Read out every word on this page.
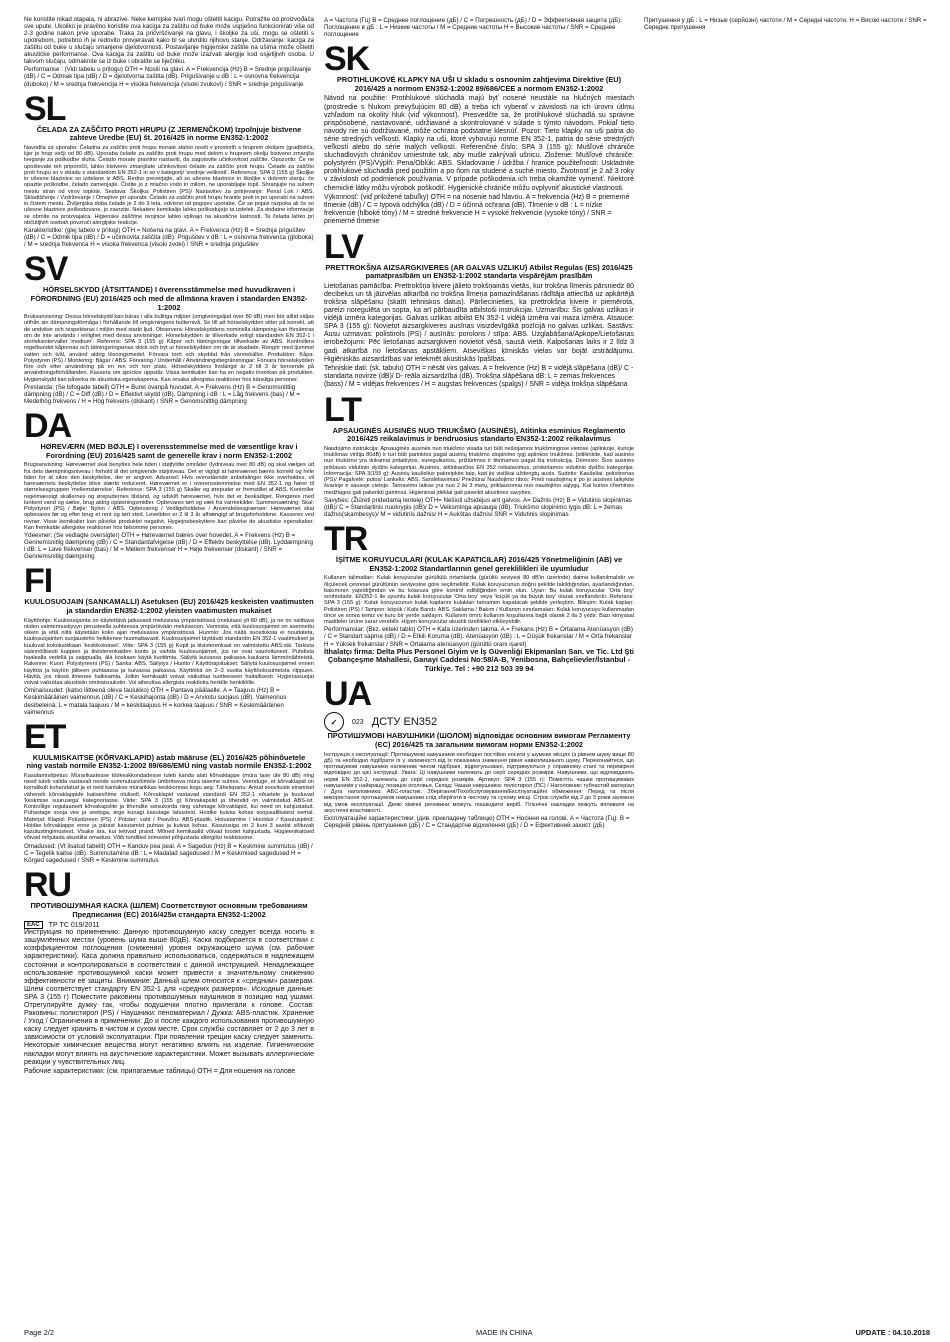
Ne koristite nikad otapala, ni abrazive. Neke kemijske tvari mogu oštetiti kacigu. Potražite od proizvođača sve upute. Ukoliko je pravilno koristite ova kaciga za zaštitu od buke može uspješno funkcionirati više od 2-3 godine nakon prve uporabe. Traka za pričvršćivanje na glavu, i školjke za uši, mogu se oštetiti s upotrebom, potrebno ih je redovito provjeravati kako bi se utvrdilo njihovo stanje. Održavanje: kaciga za zaštitu od buke u slučaju smanjene djelotvornosti. Postavljanje higijenske zaštite na ušima može oštetiti akustičke performanse. Ova kaciga za zaštitu od buke može izazvati alergije kod osjetljivih osoba. U takvom slučaju, odmaknite se iz buke i obratite se liječniku.

Performanse : (Vidi tabelu u prilogu) OTH = Nosili na glavi. A = Frekvencija (Hz) B = Srednje prigušivanje (dB) / C = Odmak tipa (dB) / D = djelotvorna zaštita (dB). Prigušivanje u dB : L = osnovna frekvencija (duboko) / M = srednja frekvencija H = visoka frekvencija (visoki zvukovi) / SNR = srednje prigušivanje

SL
ČELADA ZA ZAŠČITO PROTI HRUPU (Z JERMENČKOM) Izpolnjuje bistvene zahteve Uredbe (EU) št. 2016/425 in norme EN352-1:2002

Navodila za uporabo: Čeladna za zaščito proti hrupu morate stalno nositi v prostorih s hrupnim okoljem (gradbišča, kjer je hrup večji od 80 dB). Uporaba čelade za zaščito proti hrupu med delom v hrupnem okolju bistveno zmanjša tveganje za poškodbe sluha. Čelado morate pravilno nastaviti, da zagotovite učinkovitost zaščite. Opozorilo: Če ne upoštevate teh priporočil, lahko bistveno zmanjšate učinkovitost čelade za zaščito proti hrupu. Čelade za zaščito proti hrupu so v skladu s standardom EN 352-1 in so v kategoriji 'srednje velikosti'. Referenca: SPA 3 (155 g) Školjke in ušesne blazinice so izdelane iz ABS. Redno preverjajte, ali so ušesne blazinice in školjke v dobrem stanju; če opazite poškodbe, čelado zamenjajte. Čistite jo z mlačno vodo in milom, ne uporabljajte topil. Shranjujte na suhem mestu stran od virov toplote. Sestava: Školjka: Polistiren (PS)/ Nastavitev za pritrjevanje: Penal Lok / ABS. Skladiščenje / Vzdrževanje / Omejitve pri uporabi: Čelado za zaščito proti hrupu hranite proti in po uporabi na suhem in čistem mestu. Življenjska doba čelade je 2 do 3 leta, odvisno od pogojev uporabe. Če se pojavi razpoka ali če so ušesne blazinice poškodovane, jo zavrzite. Nekatere kemikalije lahko poškodujejo ta izdelek. Za dodatne informacije se obrnite na proizvajalca. Higienske zaščitne ovojnice lahko vplivajo na akustične lastnosti. Ta čelada lahko pri občutljivih osebah povzroči alergijske reakcije.

Karakteristike: (glej tabelo v prilogi) OTH = Nošena na glavi. A = Frekvenca (Hz) B = Srednja prigušitev (dB) / C = Odmik tipa (dB) / D = učinkovita zaščita (dB). Prigušitev v dB : L = osnovna frekvenca (globoka) / M = srednja frekvenca H = visoka frekvenca (visoki zvoki) / SNR = srednja prigušitev

SV
HÖRSELSKYDD (ÅTSITTANDE) I överensstämmelse med huvudkraven i FÖRORDNING (EU) 2016/425 och med de allmänna kraven i standarden EN352-1:2002

Bruksanvisning: Dessa hörselskydd kan bäras i alla bullriga miljöer (omgivningsljud över 80 dB) men bör alltid väljas utifrån sin dämpningsförmåga i förhållande till omgivningens bullernivå. Se till att hörselskydden sitter på korrekt, att de undviker och respekteras i miljön med starkt ljud. Observera: Hörselskyddens nominella dämpning kan försämras om de inte används i enlighet med dessa anvisningar. Hörselskydden är tillverkade enligt standarden EN 352-1 i storleksintervallet 'medium'. Referens: SPA 3 (155 g) Kåpor och tätningsringar tillverkade av ABS. Kontrollera regelbundet kåpornas och tätningsringarnas skick och byt ut hörselskydden om de är skadade. Rengör med ljummet vatten och tvål, använd aldrig lösningsmedel. Förvara torrt och skyddat från värmekällor. Produktion: Kåpa: Polystyren (PS) / Montering: Bågar / ABS. Förvaring / Underhåll / Användningsbegränsningar: Förvara hörselskydden före och efter användning på en ren och torr plats. Hörselskyddens livslängd är 2 till 3 år beroende på användningsförhållanden. Kassera om sprickor uppstår. Vissa kemikalier kan ha en negativ inverkan på produkten. Hygienskydd kan påverka de akustiska egenskaperna. Kan orsaka allergiska reaktioner hos känsliga personer.

Prestanda: (Se bifogade tabell) OTH = Buret ovanpå huvudet. A = Frekvens (Hz) B = Genomsnittlig dämpning (dB) / C = Diff (dB) / D = Effektivt skydd (dB). Dämpning i dB : L = Låg frekvens (bas) / M = Medelhög frekvens / H = Hög frekvens (diskant) / SNR = Genomsnittlig dämpning

DA
HØREVÆRN (MED BØJLE) I overensstemmelse med de væsentlige krav i Forordning (EU) 2016/425 samt de generelle krav i norm EN352-1:2002

Brugsanvisning: Høreværnet skal benyttes hele tiden i støjfyldte områder (lydniveau over 80 dB) og skal vælges ud fra dets dæmpningsniveau i forhold til det omgivende støjniveau. Det er vigtigt at høreværnet bæres korrekt og hele tiden for at sikre den beskyttelse, der er angivet. Advarsel: Hvis ovenstående anbefalinger ikke overholdes, vil høreværnets beskyttelse blive stærkt reduceret. Høreværnet er i overensstemmelse med EN 352-1 og hører til størrelsesgruppen 'mellemstørrelse'. Reference: SPA 3 (155 g) Skaller og ørepuder er fremstillet af ABS. Kontroller regelmæssigt skallernes og ørepudernes tilstand, og udskift høreværnet, hvis det er beskadiget. Rengøres med lunkent vand og sæbe, brug aldrig opløsningsmidler. Opbevares tørt og væk fra varmekilder. Sammensætning: Skal: Polystyren (PS) / Bøjle: Nylon / ABS. Opbevaring / Vedligeholdelse / Anvendelsesgrænser: Høreværnet skal opbevares før og efter brug et rent og tørt sted. Levetiden er 2 til 3 år afhængigt af brugsforholdene. Kasseres ved revner. Visse kemikalier kan påvirke produktet negativt. Hygiejnebeskyttere kan påvirke de akustiske egenskaber. Kan fremkalde allergiske reaktioner hos følsomme personer.

Ydeevner: (Se vedlagte oversigter) OTH = Høreværnet bæres over hovedet. A = Frekvens (Hz) B = Gennemsnitlig dæmpning (dB) / C = Standardafvigelse (dB) / D = Effektiv beskyttelse (dB). Lyddæmpning i dB: L = Lave frekvenser (bas) / M = Mellem frekvenser H = Høje frekvenser (diskant) / SNR = Gennemsnitlig dæmpning

FI
KUULOSUOJAIN (SANKAMALLI) Asetuksen (EU) 2016/425 keskeisten vaatimusten ja standardin EN352-1:2002 yleisten vaatimusten mukaiset

Käyttöohje: Kuulosuojainta on käytettävä jatkuvasti meluisissa ympäristöissä (melutaso yli 80 dB), ja ne on valittava niiden vaimennuskyvyn perusteella suhteessa ympäröivään melutasoon. Varmista, että kuulosuojaimet on asennettu oikein ja että niitä käytetään koko ajan meluisassa ympäristössä. Huomio: Jos näitä suosituksia ei noudateta, kuulosuojainten suojausteho heikkenee huomattavasti. Kuulosuojaimet täyttävät standardin EN 352-1 vaatimukset ja kuuluvat kokoluokkaan 'keskikokoiset'. Viite: SPA 3 (155 g) Kupit ja tiivisterenkaat on valmistettu ABS:stä. Tarkista säännöllisesti kuppien ja tiivisterenkaiden kunto ja vaihda kuulosuojaimet, jos ne ovat vaurioituneet. Puhdista haalealla vedellä ja saippualla, älä koskaan käytä liuottimia. Säilytä kuivassa paikassa kaukana lämmönlähteistä. Rakenne: Kuori: Polystyreeni (PS) / Sanka: ABS. Säilytys / Huolto / Käyttörajoitukset: Säilytä kuulosuojaimet ennen käyttöä ja käytön jälkeen puhtaassa ja kuivassa paikassa. Käyttöikä on 2–3 vuotta käyttöolosuhteista riippuen. Hävitä, jos niissä ilmenee halkeamia. Jotkin kemikaalit voivat vaikuttaa tuotteeseen haitallisesti. Hygieniasuojat voivat vaikuttaa akustisiin ominaisuuksiin. Voi aiheuttaa allergisia reaktioita herkille henkilöille.

Ominaisuudet: (katso liitteenä oleva taulukko) OTH = Pantava päälaelle. A = Taajuus (Hz) B = Keskimääräinen vaimennus (dB) / C = Keskihajonta (dB) / D = Arvioitu suojaus (dB). Vaimennus desibeleinä: L = matala taajuus / M = keskitaajuus H = korkea taajuus / SNR = Keskimääräinen vaimennus

ET
KUULMISKAITSE (KÕRVAKLAPID) astab määruse (EL) 2016/425 põhinõuetele ning vastab normile EN352-1:2002 89/686/EMÜ ning vastab normile EN352-1:2002

Kasutamisõpetus: Mürarikastesse töökeskkondadesse tuleb kanda alati kõrvaklappe (müra tase üle 80 dB) ning need tuleb valida vastavalt nende summutusvõimele ümbritseva müra taseme suhtes. Veenduge, et kõrvaklapid on korralikult kohandatud ja et neid kantakse mürarikkas keskkonnas kogu aeg. Tähelepanu: Antud soovituste eiramisel väheneb kõrvaklappide kaitsevõime oluliselt. Kõrvaklapid vastavad standardi EN 352-1 nõuetele ja kuuluvad 'keskmise suurusega' kategooriasse. Viide: SPA 3 (155 g) Kõrvakapslid ja tihendid on valmistatud ABS-ist. Kontrollige regulaarselt kõrvakapslite ja tihendite seisukorda ning vahetage kõrvaklapid, kui need on kahjustatud. Puhastage sooja vee ja seebiga, ärge kunagi kasutage lahusteid. Hoidke kuivas kohas soojusallikatest eemal. Materjal: Klapid: Polüstüreen (PS) / Polster: vaht / Peavõru: ABS-plastik. Hoiustamine / Hooldus / Kasutuspiirid: Hoidke kõrvaklappe enne ja pärast kasutamist puhtas ja kuivas kohas. Kasutusiga on 2 kuni 3 aastat sõltuvalt kasutustingimustest. Visake ära, kui tekivad praod. Mõned kemikaalid võivad toodet kahjustada. Hügieenikaitsed võivad mõjutada akustilisi omadusi. Võib tundlikel inimestel põhjustada allergilisi reaktsioone.

Omadused: (Vt lisatud tabelit) OTH = Kanduv pea peal. A = Sagedus (Hz) B = Keskmine summutus (dB) / C = Tegelik kaitse (dB). Summutamine dB : L = Madalad sagedused / M = Keskmised sagedused H = Kõrged sagedused / SNR = Keskmine summutus

RU
ПРОТИВОШУМНАЯ КАСКА (ШЛЕМ) Соответствуют основным требованиям Предписания (ЕС) 2016/425и стандарта EN352-1:2002
EAC	ТР ТС 019/2011

Инструкция по применению: Данную противошумную каску следует всегда носить в зашумлённых местах (уровень шума выше 80дБ). Каска подбирается в соответствии с коэффициентом поглощения (снижения) уровня окружающего шума (см. рабочие характеристики). Каса должна правильно использоваться, содержаться в надлежащем состоянии и контролироваться в соответствии с данной инструкцией. Ненадлежащее использование противошумной каски может привести к значительному снижению эффективности её защиты. Внимание: Данный шлем относится к «средним» размерам. Шлем соответствует стандарту EN 352-1 для «средних размеров». Исходные данные: SPA 3 (155 г) Поместите раковины противошумных наушников в позицию над ушами. Отрегулируйте дужку так, чтобы подушечки плотно прилегали к голове. Состав: Раковины: полистирол (PS) / Наушники: пеноматериал / Дужка: ABS-пластик. Хранение / Уход / Ограничения в применении: До и после каждого использования противошумную каску следует хранить в чистом и сухом месте. Срок службы составляет от 2 до 3 лет в зависимости от условий эксплуатации. При появлении трещин каску следует заменить. Некоторые химические вещества могут негативно влиять на изделие. Гигиенические накладки могут влиять на акустические характеристики. Может вызывать аллергические реакции у чувствительных лиц.

Рабочие характеристики: (см. прилагаемые таблицы) OTH = Для ношения на голове

A = Частота (Гц) B = Среднее поглощение (дБ) / C = Погрешность (дБ) / D = Эффективная защита (дБ). Поглощение в дБ : L = Низкие частоты / M = Средние частоты H = Высокие частоты / SNR = Среднее поглощение

SK
PROTIHLUKOVÉ KLAPKY NA UŠI U skladu s osnovním zahtjevima Direktive (EU) 2016/425 a normom EN352-1:2002 89/686/CEE a normom EN352-1:2002

Návod na použitie: Protihlukové slúchadlá majú byť nosené neustále na hlučných miestach (prostredie s hlukom prevyšujúcim 80 dB) a treba ich vyberať v závislosti na ich úrovni útlmu vzhľadom na okolitý hluk (viď výkonnosť). Presvedčte sa, že protihlukové slúchadlá su správne prispôsobené, nastavované, udržiavané a skontrolované v súlade s týmto návodom. Pokiaľ tieto návody nie sú dodržiavané, môže ochrana podstatne klesnúť. Pozor: Tieto klapky na uši patria do série stredných veľkostí. Klapky na uši, ktoré vyhovujú norme EN 352-1, patria do série stredných veľkostí alebo do série malých veľkostí. Referenčné číslo: SPA 3 (155 g): Mušľové chrániče sluchadlových chráničov umiestnite tak, aby mušle zakrývali ušnicu. Zloženie: Mušľové chrániče: polystyrén (PS)/Výplň: Pena/Oblúk: ABS. Skladovanie / údržba / hranice použiteľnosti: Uskladnite protihlukové slúchadlá pred použitím a po ňom na studené a suché miesto. Životnosť je 2 až 3 roky v závislosti od podmienok používania. V prípade poškodenia ich treba okamžite vymeniť. Niektoré chemické látky môžu výrobok poškodiť. Hygienické chrániče môžu ovplyvniť akustické vlastnosti.

Výkonnosť: (viď priložené tabuľky) OTH = na nosenie nad hlavou. A = frekvencia (Hz) B = priemerné tlmenie (dB) / C = typová odchýlka (dB) / D = účinná ochrana (dB). Tlmenie v dB : L = nízke frekvencie (hlboké tóny) / M = stredné frekvencie H = vysoké frekvencie (vysoké tóny) / SNR = priemerné tlmenie

LV
PRETTROKŠŅA AIZSARGKIVERES (AR GALVAS UZLIKU) Atbilst Regulas (ES) 2016/425 pamatprasībām un EN352-1:2002 standarta vispārējām prasībām

Lietošanas pamācība: Prettrokšņa ķivere jālieto trokšņainās vietās, kur trokšņa līmenis pārsniedz 80 decibelus un tā jāizvēlas atkarībā no trokšņa līmeņa pamazināšanas rādītāja attiecībā uz apkārtējā trokšņa slāpēšanu (skatīt tehniskos datus). Pārliecinieties, ka prettrokšņa ķivere ir piemērota, pareizi noregulēta un sopta, ka arī pārbaudīta atbilstoši instrukcijai. Uzmanību: Šis galvas uzlikas ir vidējā izmēra kategorijas. Galvas uzlikas atbilst EN 352-1 vidējā izmēra vai maza izmēra. Atsauce: SPA 3 (155 g): Novietot aizsargkiveres ausīnas visizdevīgākā pozīcijā no galvas uzlikas. Sastāvs: Ausu uzmavas: polistirols (PS) / ausīnās: porolons / stīpa: ABS. Uzglabāšana/Apkope/Lietošanas ierobežojumi: Pēc lietošanas aizsargkiveri novietot vēsā, sausā vietā. Kalpošanas laiks ir 2 līdz 3 gadi atkarībā no lietošanas apstākļiem. Atsevišķas ķīmiskās vielas var bojāt izstrādājumu. Higiēniskās aizsardzības var ietekmēt akustiskās īpašības.

Tehniskie dati: (sk. tabulu) OTH = nēsāt virs galvas. A = frekvence (Hz) B = vidējā slāpēšana (dB)/ C - standarta novirze (dB)/ D- reāla aizsardzība (dB). Trokšņa slāpēšana dB: L = zemas frekvences (bass) / M = vidējas frekvences / H = augstas frekvences (spalgs) / SNR = vidēja trokšņa slāpēšana

LT
APSAUGINĖS AUSINĖS NUO TRIUKŠMO (AUSINĖS), Atitinka esminius Reglamento 2016/425 reikalavimus ir bendruosius standarto EN352-1:2002 reikalavimus

Naudojimo instrukcija: Apsauginės ausinės nuo triukšmo visada turi būti nešiojamos triukšmingose vietose (aplinkoje, kurioje triukšmas viršija 80dB) ir turi būti parinktos pagal ausinių triukšmo slopinimo lygį aplinkos triukšmui. Įsitikinkite, kad ausinės nuo triukšmo yra tinkamai pritaikytos, sureguliuotos, prižiūrimos ir tikrinamos pagal šią instrukciją. Dėmesio: Šios ausinės priklauso vidutinio dydžio kategorijai. Ausinės, atitinkančios EN 352 reikalavimus, priskiriamos vidutinio dydžio kategorijai. Informacija: SPA 3(155 g): Ausinių kaušelius pakreipkite taip, kad jie visiškai uždengtų ausis. Sudėtis: Kaušeliai: polistirenas (PS)/ Pagalvėlė: putos/ Lankelis: ABS. Sandėliavimas/ Priežiūra/ Naudojimo ribos: Prieš naudojimą ir po jo ausines laikykite švarioje ir sausoje vietoje. Tarnavimo laikas yra nuo 2 iki 3 metų, priklausomai nuo naudojimo sąlygų. Kai kurios cheminės medžiagos gali pakenkti gaminiui. Higieniniai įdėklai gali paveikti akustines savybes.

Savybės: (Žiūrėti pridedamą lentelę) OTH= Nešioti užsidėjus ant galvos. A= Dažnis (Hz) B = Vidutinis slopinimas (dB)/ C = Standartinis nuokrypis (dB)/ D = Veiksminga apsauga (dB). Triukšmo slopinimo lygis dB: L = žemas dažnis(skambesys)/ M = vidutinis dažnis/ H = Aukštas dažnis/ SNR = Vidutinis slopinimas

TR
İŞİTME KORUYUCULARI (KULAK KAPATICILAR) 2016/425 Yönetmeliğinin (AB) ve EN352-1:2002 Standartlarının genel gereklilikleri ile uyumludur

Kullanım talimatları: Kulak koruyucular gürültülü ortamlarda (gürültü seviyesi 80 dB'in üzerinde) daima kullanılmalıdır ve ölçülecek çevresel gürültünün seviyesine göre seçilmelidir. Kulak koruyucunun doğru şekilde takıldığından, ayarlandığından, bakımının yapıldığından ve bu kılavuza göre kontrol edildiğinden emin olun. Uyarı: Bu kulak koruyucular 'Orta boy' sınıfındadır. EN352-1 ile uyumlu kulak koruyucular 'Orta boy' veya 'küçük ya da büyük boy' olarak sınıflandırılır. Referans: SPA 3 (155 g): Kulak koruyucunun kulak kaplarını kulakları tamamen kapatacak şekilde yerleştirin. Bileşim: Kulak kapları: Polistiren (PS) / Tampon: köpük / Kafa Bandı: ABS. Saklama / Bakım / Kullanım sınırlamaları: Kulak koruyucuyu kullanmadan önce ve sonra temiz ve kuru bir yerde saklayın. Kullanım ömrü kullanım koşullarına bağlı olarak 2 ila 3 yıldır. Bazı kimyasal maddeler ürüne zarar verebilir. Hijyen koruyucular akustik özellikleri etkileyebilir.

Performanslar: (Bkz. ekteki tablo) OTH = Kafa üzerinden takma. A = Frekans (Hz) B = Ortalama Atenüasyon (dB) / C = Standart sapma (dB) / D = Etkili Koruma (dB). Atenüasyon (dB) : L = Düşük frekanslar / M = Orta frekanslar H = Yüksek frekanslar / SNR = Ortalama atenüasyon (gürültü oranı işaret)

İthalatçı firma: Delta Plus Personel Giyim ve İş Güvenliği Ekipmanları San. ve Tic. Ltd Şti Çobançeşme Mahallesi, Ganayi Caddesi No:58/A-B, Yenibosna, Bahçelievler/İstanbul - Türkiye. Tel : +90 212 503 39 94

UA
✓	023 ДСТУ EN352
ПРОТИШУМОВІ НАВУШНИКИ (ШОЛОМ) відповідає основним вимогам Регламенту (ЄС) 2016/425 та загальним вимогам норми EN352-1:2002

Інструкція з експлуатації: Протишумові навушники необхідно постійно носити у шумних місцях (з рівнем шуму вище 80 дБ) та необхідно підібрати їх у залежності від їх показника зниження рівня навколишнього шуму. Переконайтеся, що протишумові навушники належним чином підібрані, відрегульовані, підтримуються у справному стані та перевірені відповідно до цієї інструкції. Увага: Ці навушники належать до серії середніх розмірів. Навушники, що відповідають нормі EN 352-1, належать до серії середніх розмірів. Артикул: SPA 3 (155 г): Помістіть чашки протишумових навушників у найкращу позицію оголовья. Склад: Чашки навушника: полістирол (ПС) / Наголовник: губчастий матеріал / Дуга наголовника: АБС-пластик. Зберігання/Техобслуговування/Експлуатаційні обмеження: Перед та після використання протишумові навушники слід зберігати в чистому та сухому місці. Строк служби від 2 до 3 років залежно від умов експлуатації. Деякі хімічні речовини можуть пошкодити виріб. Гігієнічні накладки можуть впливати на акустичні властивості.

Експлуатаційні характеристики: (див. прикладену таблицю) OTH = Носіння на голові. A = Частота (Гц). B = Середній рівень притушення (дБ) / C = Стандартне відхилення (дБ) / D = Ефективний захист (дБ)

Притушення у дБ : L = Низькі (серйозні) частоти / M = Середні частоти. H = Високі частоти / SNR = Середнє притушення

Page 2/2	MADE IN CHINA	UPDATE : 04.10.2018
